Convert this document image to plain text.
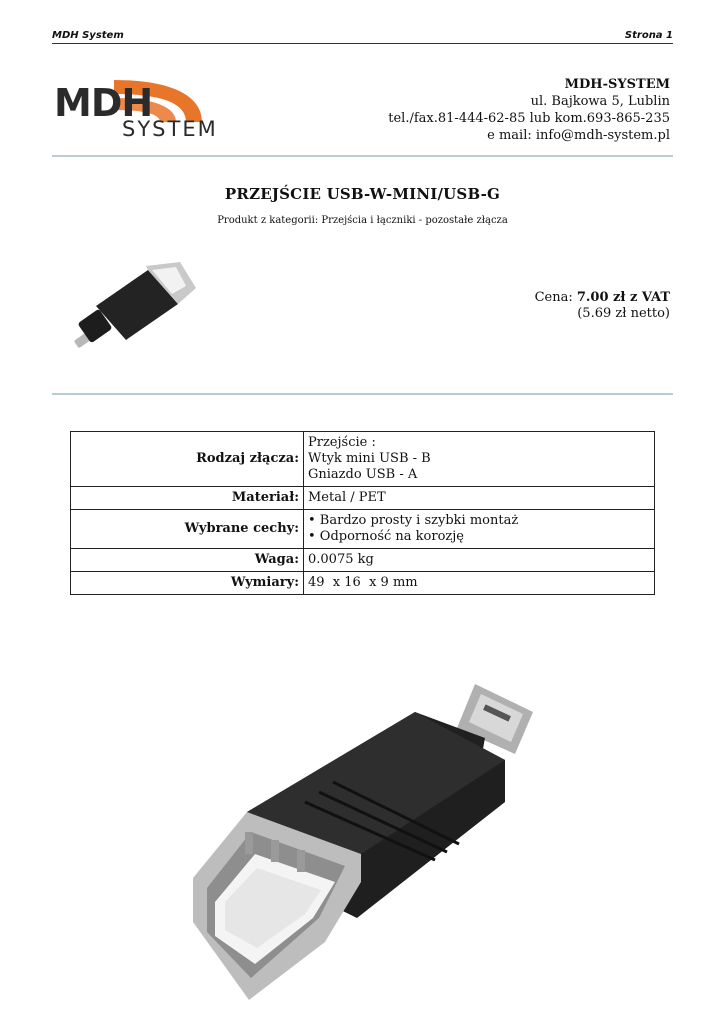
MDH System	Strona 1
MDH
SYSTEM
MDH-SYSTEM
ul. Bajkowa 5, Lublin
tel./fax.81-444-62-85 lub kom.693-865-235
e mail: info@mdh-system.pl
PRZEJŚCIE USB-W-MINI/USB-G
Produkt z kategorii: Przejścia i łączniki - pozostałe złącza
Cena: 7.00 zł z VAT
(5.69 zł netto)
Rodzaj złącza:	Przejście :
Wtyk mini USB - B
Gniazdo USB - A

Materiał:	Metal / PET

Wybrane cechy:	• Bardzo prosty i szybki montaż
• Odporność na korozję

Waga:	0.0075 kg

Wymiary:	49  x 16  x 9 mm
